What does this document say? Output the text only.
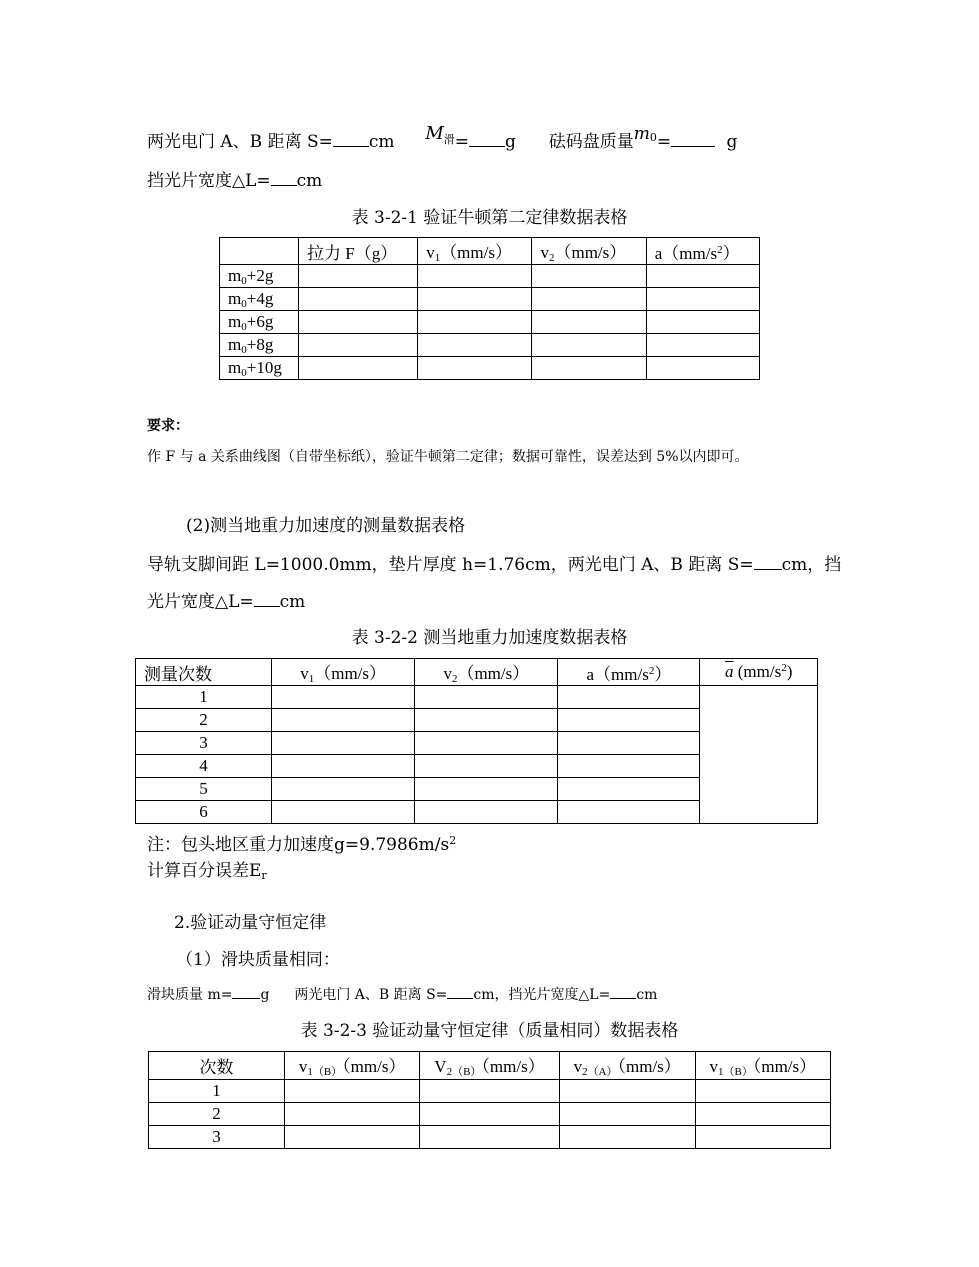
两光电门 A、B 距离 S= cm $M^滑= g$ 砝码盘质量$m^0=$	g
挡光片宽度△L= cm
表 3-2-1 验证牛顿第二定律数据表格
	拉力 F（g）	$v_1(mm/s)$	$v_2(mm/s)$	$a(mm/s^2)$
$m_0+2g$				
$m_0+4g$				
$m_0+6g$				
$m_0+8g$				
$m_0+10g$				
要求：
作 F 与 a 关系曲线图（自带坐标纸），验证牛顿第二定律；数据可靠性，误差达到 5%以内即可。
(2)测当地重力加速度的测量数据表格
导轨支脚间距 L=1000.0mm，垫片厚度 h=1.76cm，两光电门 A、B 距离 S= cm，挡
光片宽度△L= cm
表 3-2-2 测当地重力加速度数据表格
测量次数	$v_1(mm/s)$	$v_2(mm/s)$	$a(mm/s^2)$	$\overline{a}$ $(mm/s^2)$
1				
2				
3				
4				
5				
6				
注：包头地区重力加速度$g=9.7986m/s^2$
计算百分误差$E_r$
2.验证动量守恒定律
（1）滑块质量相同：
滑块质量 m= g 两光电门 A、B 距离 S= cm，挡光片宽度△L= cm
表 3-2-3 验证动量守恒定律（质量相同）数据表格
次数	$v_{1(B)}(mm/s)$	$V_{2(B)}(mm/s)$	$v_{2(A)}(mm/s)$	$v_{1(B)}(mm/s)$
1				
2				
3				
